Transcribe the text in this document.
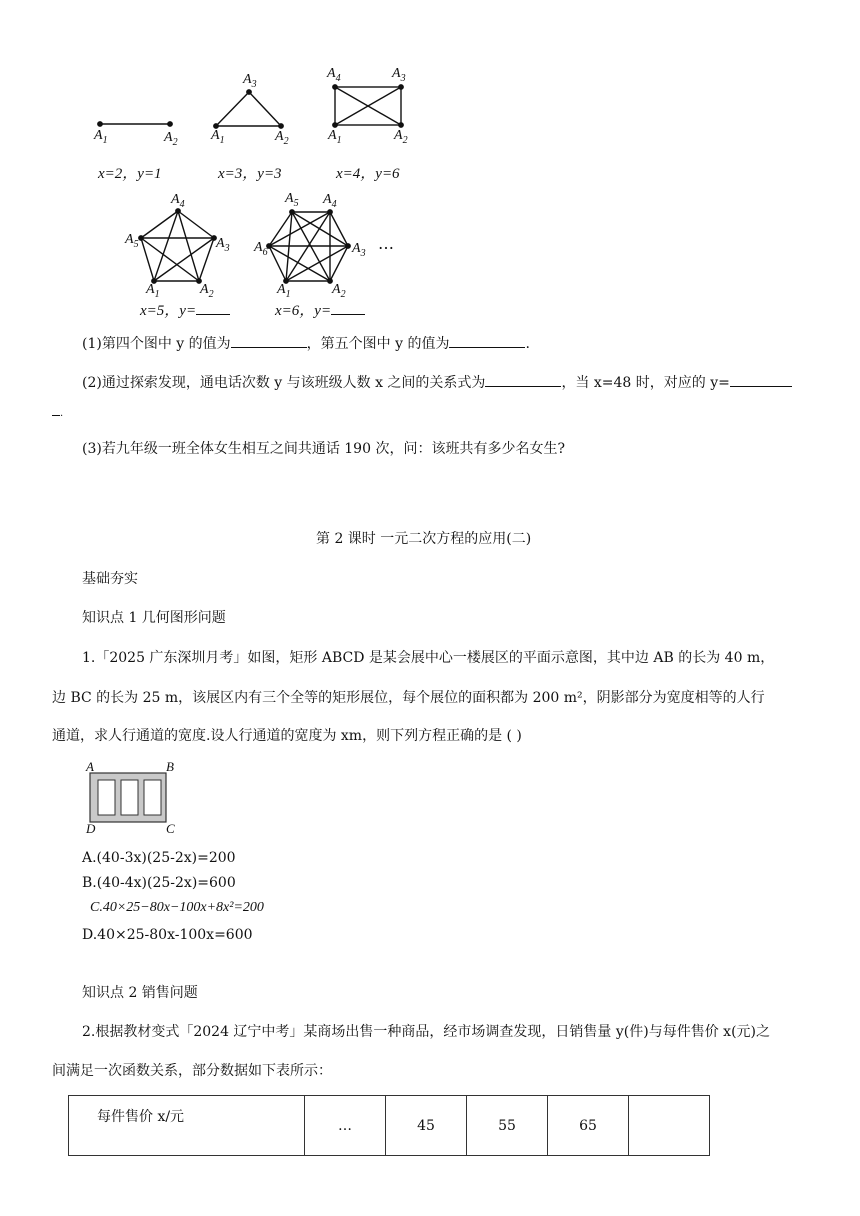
$A_1$	$A_2$ $A_1$	$A_2$
$A_3$
$A_1$	$A_2$
$A_3$
$A_4$
$A_1$	$A_2$
$A_3$
$A_4$
$A_5$
$A_1$	$A_2$
$A_3$
$A_4$
$A_5$
$A_6$	…
x=2，y=1	x=3，y=3	x=4，y=6
x=5，y=	x=6，y=
(1)第四个图中 y 的值为	，第五个图中 y 的值为	.
(2)通过探索发现，通电话次数 y 与该班级人数 x 之间的关系式为	，当 x=48 时，对应的 y=
.
(3)若九年级一班全体女生相互之间共通话 190 次，问：该班共有多少名女生?
第 2 课时 一元二次方程的应用(二)
基础夯实
知识点 1 几何图形问题
1.「2025 广东深圳月考」如图，矩形 ABCD 是某会展中心一楼展区的平面示意图，其中边 AB 的长为 40 m，
边 BC 的长为 25 m，该展区内有三个全等的矩形展位，每个展位的面积都为 200 m²，阴影部分为宽度相等的人行
通道，求人行通道的宽度.设人行通道的宽度为 xm，则下列方程正确的是 ( )
A	B
D	C
A.(40-3x)(25-2x)=200
B.(40-4x)(25-2x)=600
C.40×25−80x−100x+8x²=200
D.40×25-80x-100x=600
知识点 2 销售问题
2.根据教材变式「2024 辽宁中考」某商场出售一种商品，经市场调查发现，日销售量 y(件)与每件售价 x(元)之
间满足一次函数关系，部分数据如下表所示：
每件售价 x/元	…	45	55	65	
